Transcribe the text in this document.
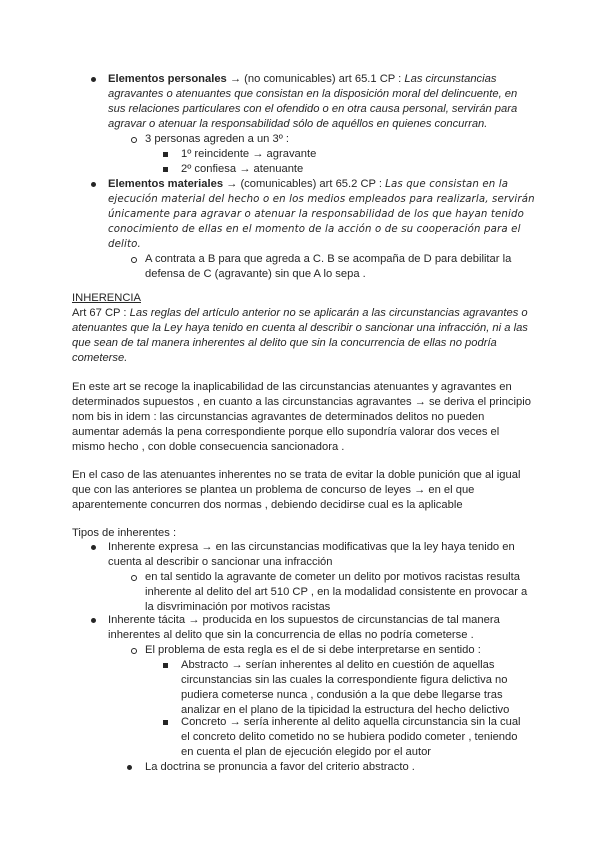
Elementos personales → (no comunicables) art 65.1 CP : Las circunstancias
agravantes o atenuantes que consistan en la disposición moral del delincuente, en
sus relaciones particulares con el ofendido o en otra causa personal, servirán para
agravar o atenuar la responsabilidad sólo de aquéllos en quienes concurran.
3 personas agreden a un 3º :
1º reincidente → agravante
2º confiesa → atenuante
Elementos materiales → (comunicables) art 65.2 CP : Las que consistan en la
ejecución material del hecho o en los medios empleados para realizarla, servirán
únicamente para agravar o atenuar la responsabilidad de los que hayan tenido
conocimiento de ellas en el momento de la acción o de su cooperación para el
delito.
A contrata a B para que agreda a C. B se acompaña de D para debilitar la
defensa de C (agravante) sin que A lo sepa .
INHERENCIA
Art 67 CP : Las reglas del artículo anterior no se aplicarán a las circunstancias agravantes o
atenuantes que la Ley haya tenido en cuenta al describir o sancionar una infracción, ni a las
que sean de tal manera inherentes al delito que sin la concurrencia de ellas no podría
cometerse.
En este art se recoge la inaplicabilidad de las circunstancias atenuantes y agravantes en
determinados supuestos , en cuanto a las circunstancias agravantes → se deriva el principio
nom bis in idem : las circunstancias agravantes de determinados delitos no pueden
aumentar además la pena correspondiente porque ello supondría valorar dos veces el
mismo hecho , con doble consecuencia sancionadora .
En el caso de las atenuantes inherentes no se trata de evitar la doble punición que al igual
que con las anteriores se plantea un problema de concurso de leyes → en el que
aparentemente concurren dos normas , debiendo decidirse cual es la aplicable
Tipos de inherentes :
Inherente expresa → en las circunstancias modificativas que la ley haya tenido en
cuenta al describir o sancionar una infracción
en tal sentido la agravante de cometer un delito por motivos racistas resulta
inherente al delito del art 510 CP , en la modalidad consistente en provocar a
la disvriminación por motivos racistas
Inherente tácita → producida en los supuestos de circunstancias de tal manera
inherentes al delito que sin la concurrencia de ellas no podría cometerse .
El problema de esta regla es el de si debe interpretarse en sentido :
Abstracto → serían inherentes al delito en cuestión de aquellas
circunstancias sin las cuales la correspondiente figura delictiva no
pudiera cometerse nunca , condusión a la que debe llegarse tras
analizar en el plano de la tipicidad la estructura del hecho delictivo
Concreto → sería inherente al delito aquella circunstancia sin la cual
el concreto delito cometido no se hubiera podido cometer , teniendo
en cuenta el plan de ejecución elegido por el autor
La doctrina se pronuncia a favor del criterio abstracto .
